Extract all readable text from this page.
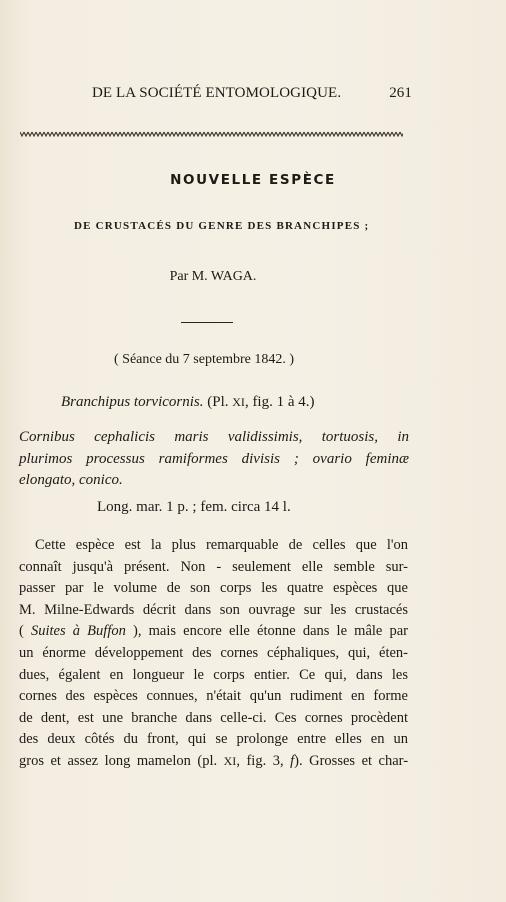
DE LA SOCIÉTÉ ENTOMOLOGIQUE.	261
NOUVELLE ESPÈCE
DE CRUSTACÉS DU GENRE DES BRANCHIPES ;
Par M. WAGA.
( Séance du 7 septembre 1842. )
Branchipus torvicornis. (Pl. XI, fig. 1 à 4.)
Cornibus cephalicis maris validissimis, tortuosis, in
plurimos processus ramiformes divisis ; ovario feminæ
elongato, conico.
Long. mar. 1 p. ; fem. circa 14 l.
Cette espèce est la plus remarquable de celles que l'on
connaît jusqu'à présent. Non - seulement elle semble sur-
passer par le volume de son corps les quatre espèces que
M. Milne-Edwards décrit dans son ouvrage sur les crustacés
( Suites à Buffon ), mais encore elle étonne dans le mâle par
un énorme développement des cornes céphaliques, qui, éten-
dues, égalent en longueur le corps entier. Ce qui, dans les
cornes des espèces connues, n'était qu'un rudiment en forme
de dent, est une branche dans celle-ci. Ces cornes procèdent
des deux côtés du front, qui se prolonge entre elles en un
gros et assez long mamelon (pl. XI, fig. 3, f). Grosses et char-
